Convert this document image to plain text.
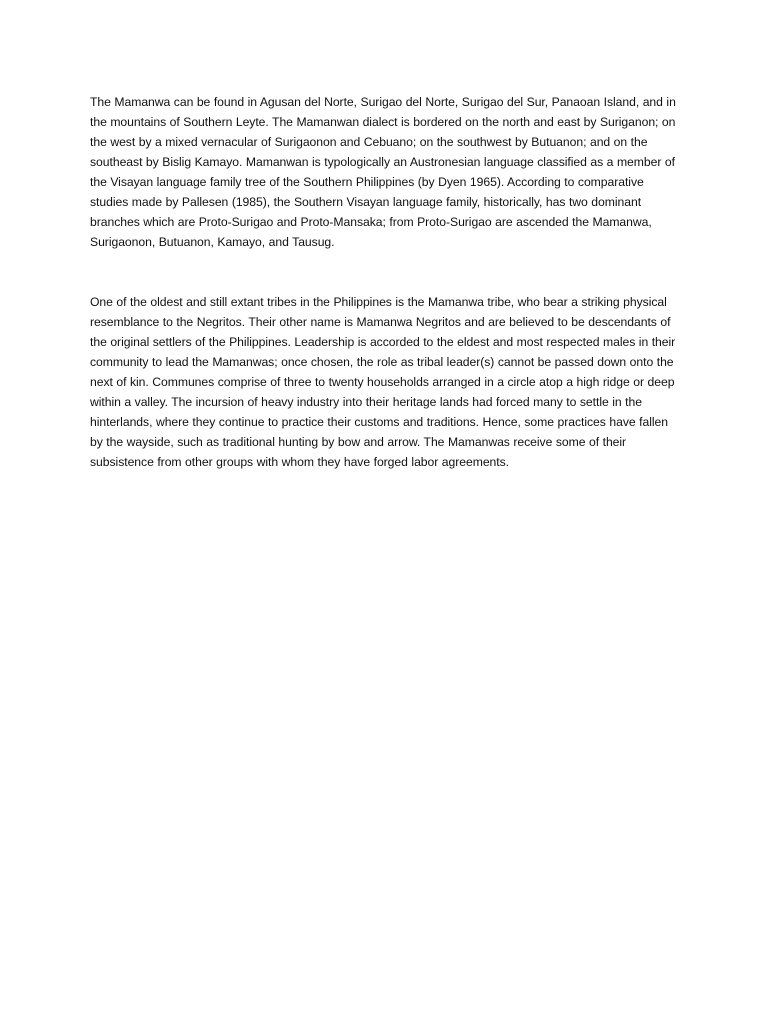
The Mamanwa can be found in Agusan del Norte, Surigao del Norte, Surigao del Sur, Panaoan Island, and in the mountains of Southern Leyte. The Mamanwan dialect is bordered on the north and east by Suriganon; on the west by a mixed vernacular of Surigaonon and Cebuano; on the southwest by Butuanon; and on the southeast by Bislig Kamayo. Mamanwan is typologically an Austronesian language classified as a member of the Visayan language family tree of the Southern Philippines (by Dyen 1965). According to comparative studies made by Pallesen (1985), the Southern Visayan language family, historically, has two dominant branches which are Proto-Surigao and Proto-Mansaka; from Proto-Surigao are ascended the Mamanwa, Surigaonon, Butuanon, Kamayo, and Tausug.

One of the oldest and still extant tribes in the Philippines is the Mamanwa tribe, who bear a striking physical resemblance to the Negritos. Their other name is Mamanwa Negritos and are believed to be descendants of the original settlers of the Philippines. Leadership is accorded to the eldest and most respected males in their community to lead the Mamanwas; once chosen, the role as tribal leader(s) cannot be passed down onto the next of kin. Communes comprise of three to twenty households arranged in a circle atop a high ridge or deep within a valley. The incursion of heavy industry into their heritage lands had forced many to settle in the hinterlands, where they continue to practice their customs and traditions. Hence, some practices have fallen by the wayside, such as traditional hunting by bow and arrow. The Mamanwas receive some of their subsistence from other groups with whom they have forged labor agreements.
